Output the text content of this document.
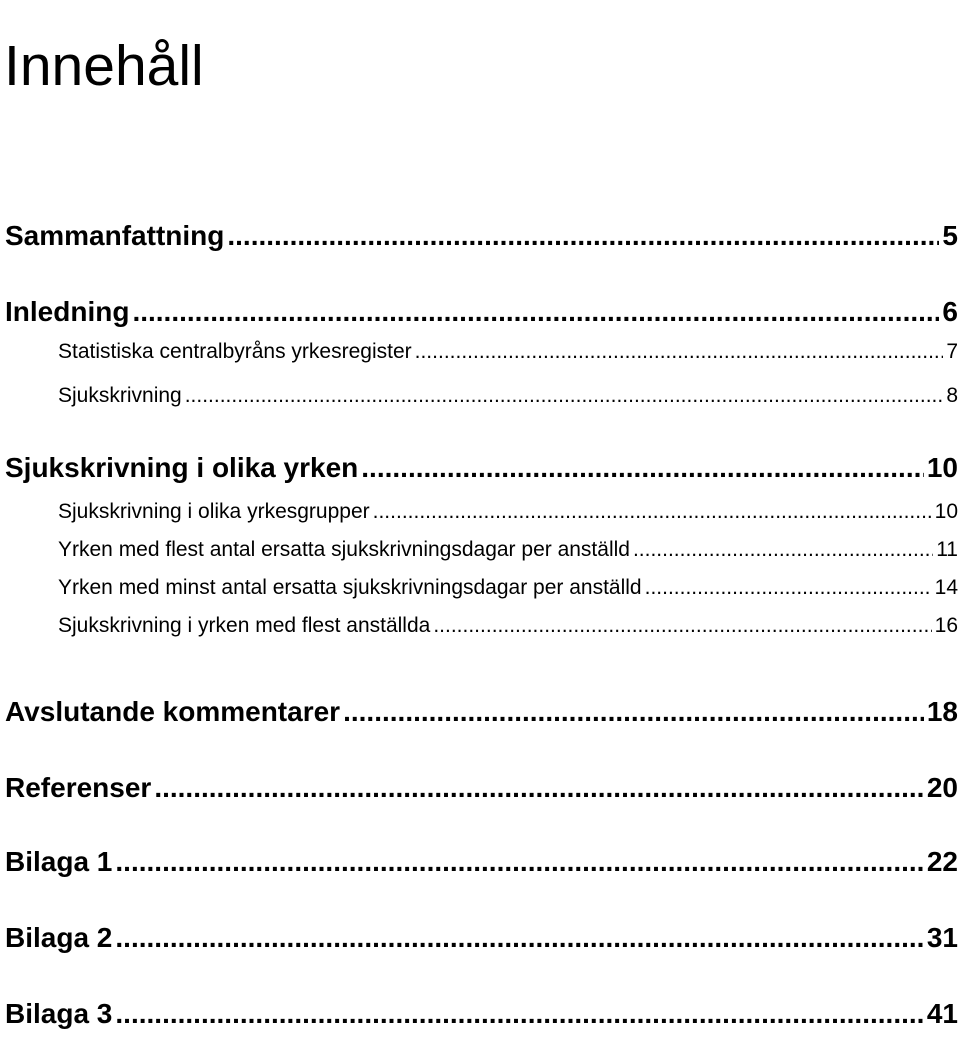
Innehåll
Sammanfattning .....	5
Inledning .....	6
Statistiska centralbyråns yrkesregister .....	7
Sjukskrivning .....	8
Sjukskrivning i olika yrken .....	10
Sjukskrivning i olika yrkesgrupper .....	10
Yrken med flest antal ersatta sjukskrivningsdagar per anställd .....	11
Yrken med minst antal ersatta sjukskrivningsdagar per anställd .....	14
Sjukskrivning i yrken med flest anställda .....	16
Avslutande kommentarer .....	18
Referenser .....	20
Bilaga 1 .....	22
Bilaga 2 .....	31
Bilaga 3 .....	41
